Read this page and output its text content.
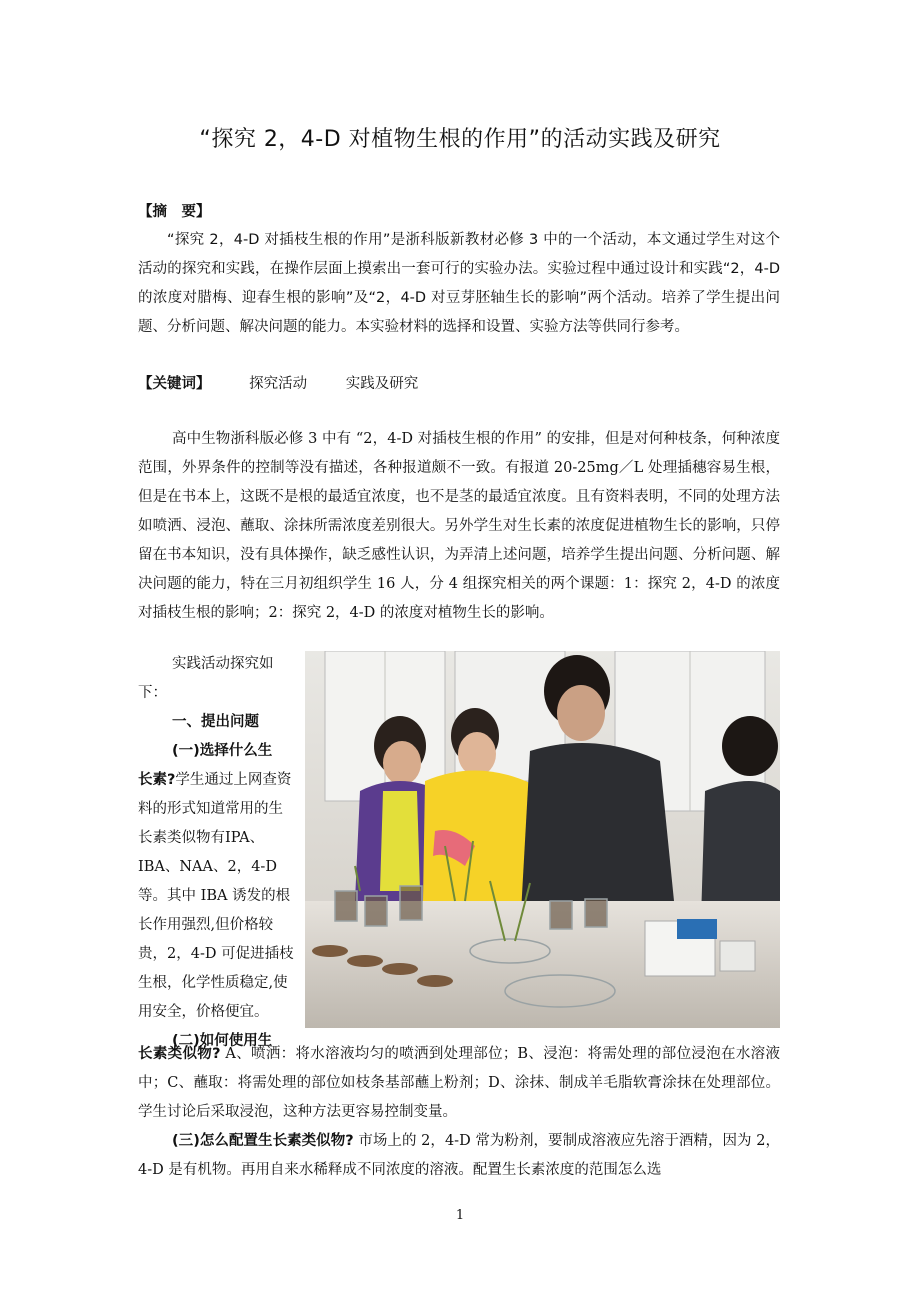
“探究 2，4-D 对植物生根的作用”的活动实践及研究
【摘　要】
“探究 2，4-D 对插枝生根的作用”是浙科版新教材必修 3 中的一个活动，本文通过学生对这个活动的探究和实践，在操作层面上摸索出一套可行的实验办法。实验过程中通过设计和实践“2，4-D 的浓度对腊梅、迎春生根的影响”及“2，4-D 对豆芽胚轴生长的影响”两个活动。培养了学生提出问题、分析问题、解决问题的能力。本实验材料的选择和设置、实验方法等供同行参考。
【关键词】	探究活动	实践及研究
高中生物浙科版必修 3 中有 “2，4-D 对插枝生根的作用” 的安排，但是对何种枝条，何种浓度范围，外界条件的控制等没有描述，各种报道颇不一致。有报道 20-25mg／L 处理插穗容易生根，但是在书本上，这既不是根的最适宜浓度，也不是茎的最适宜浓度。且有资料表明，不同的处理方法如喷洒、浸泡、蘸取、涂抹所需浓度差别很大。另外学生对生长素的浓度促进植物生长的影响，只停留在书本知识，没有具体操作，缺乏感性认识，为弄清上述问题，培养学生提出问题、分析问题、解决问题的能力，特在三月初组织学生 16 人，分 4 组探究相关的两个课题：1：探究 2，4-D 的浓度对插枝生根的影响；2：探究 2，4-D 的浓度对植物生长的影响。

实践活动探究如下：

一、提出问题

(一)选择什么生

长素?学生通过上网查资料的形式知道常用的生长素类似物有IPA、IBA、NAA、2，4-D 等。其中 IBA 诱发的根长作用强烈,但价格较贵，2，4-D 可促进插枝生根，化学性质稳定,使用安全，价格便宜。

(二)如何使用生

长素类似物? A、喷洒：将水溶液均匀的喷洒到处理部位；B、浸泡：将需处理的部位浸泡在水溶液中；C、蘸取：将需处理的部位如枝条基部蘸上粉剂；D、涂抹、制成羊毛脂软膏涂抹在处理部位。学生讨论后采取浸泡，这种方法更容易控制变量。

(三)怎么配置生长素类似物? 市场上的 2，4-D 常为粉剂，要制成溶液应先溶于酒精，因为 2，4-D 是有机物。再用自来水稀释成不同浓度的溶液。配置生长素浓度的范围怎么选

1
